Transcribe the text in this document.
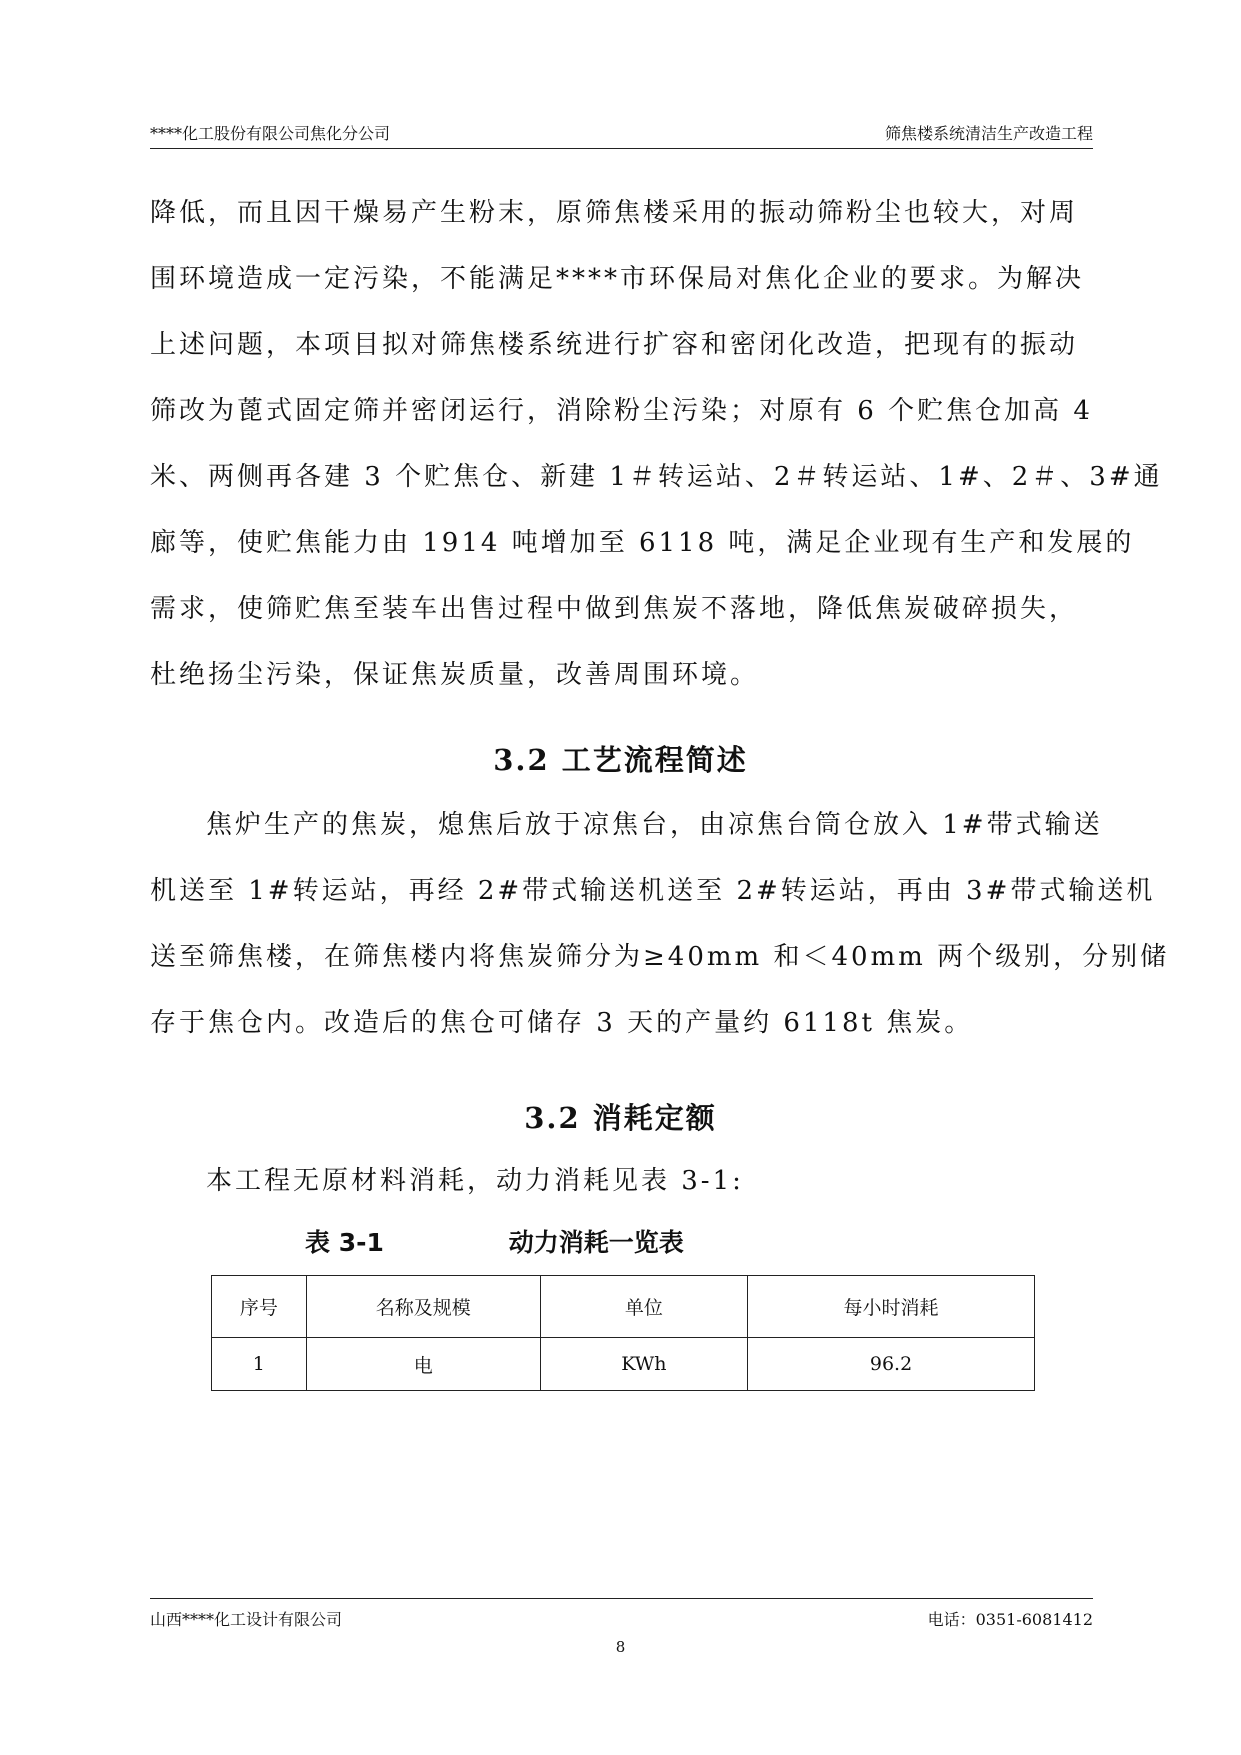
****化工股份有限公司焦化分公司	筛焦楼系统清洁生产改造工程

降低，而且因干燥易产生粉末，原筛焦楼采用的振动筛粉尘也较大，对周
围环境造成一定污染，不能满足****市环保局对焦化企业的要求。为解决
上述问题，本项目拟对筛焦楼系统进行扩容和密闭化改造，把现有的振动
筛改为蓖式固定筛并密闭运行，消除粉尘污染；对原有 6 个贮焦仓加高 4
米、两侧再各建 3 个贮焦仓、新建 1＃转运站、2＃转运站、1#、2＃、3#通
廊等，使贮焦能力由 1914 吨增加至 6118 吨，满足企业现有生产和发展的
需求，使筛贮焦至装车出售过程中做到焦炭不落地，降低焦炭破碎损失，
杜绝扬尘污染，保证焦炭质量，改善周围环境。

3.2 工艺流程简述

焦炉生产的焦炭，熄焦后放于凉焦台，由凉焦台筒仓放入 1#带式输送
机送至 1#转运站，再经 2#带式输送机送至 2#转运站，再由 3#带式输送机
送至筛焦楼，在筛焦楼内将焦炭筛分为≥40mm 和＜40mm 两个级别，分别储
存于焦仓内。改造后的焦仓可储存 3 天的产量约 6118t 焦炭。

3.2 消耗定额

本工程无原材料消耗，动力消耗见表 3-1:

表 3-1	动力消耗一览表
序号	名称及规模	单位	每小时消耗
1	电	KWh	96.2
山西****化工设计有限公司	电话：0351-6081412
8
